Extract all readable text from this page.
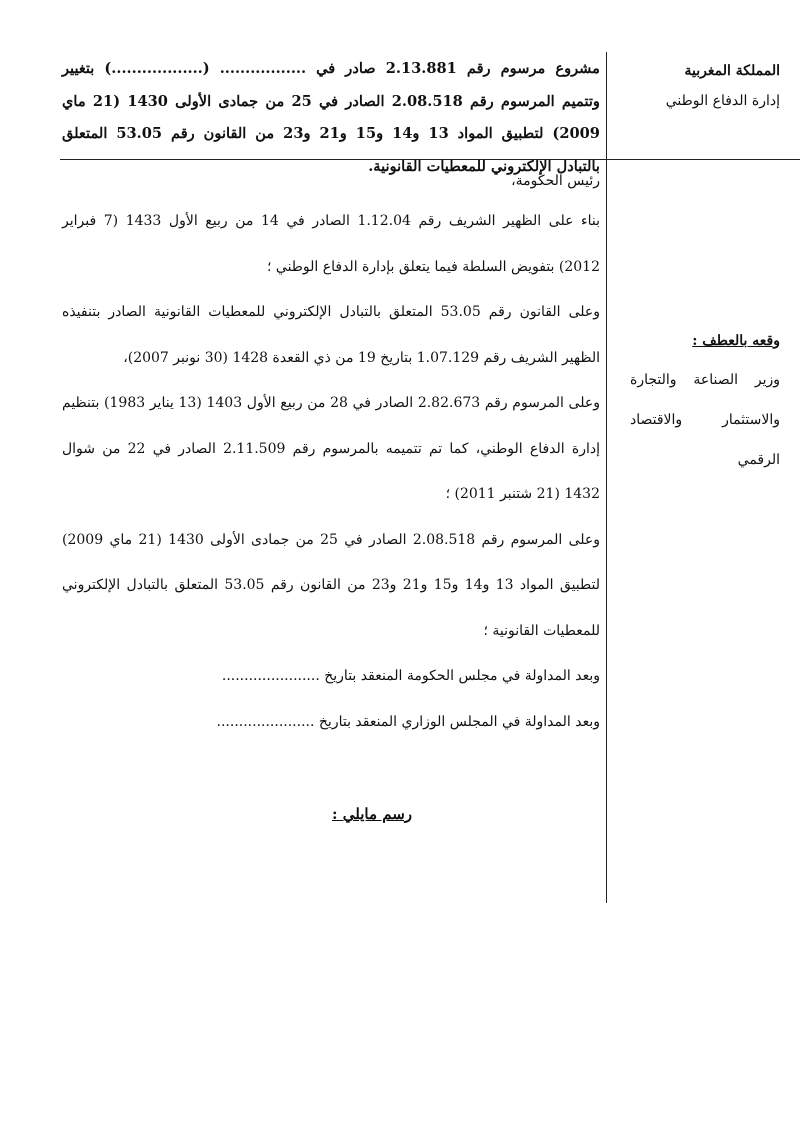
المملكة المغربية
إدارة الدفاع الوطني
مشروع مرسوم رقم 2.13.881 صادر في ................. (..................) بتغيير وتتميم المرسوم رقم 2.08.518 الصادر في 25 من جمادى الأولى 1430 (21 ماي 2009) لتطبيق المواد 13 و14 و15 و21 و23 من القانون رقم 53.05 المتعلق بالتبادل الإلكتروني للمعطيات القانونية.
وقعه بالعطف :
وزير الصناعة والتجارة والاستثمار والاقتصاد الرقمي

رئيس الحكومة،

بناء على الظهير الشريف رقم 1.12.04 الصادر في 14 من ربيع الأول 1433 (7 فبراير 2012) بتفويض السلطة فيما يتعلق بإدارة الدفاع الوطني ؛

وعلى القانون رقم 53.05 المتعلق بالتبادل الإلكتروني للمعطيات القانونية الصادر بتنفيذه الظهير الشريف رقم 1.07.129 بتاريخ 19 من ذي القعدة 1428 (30 نونبر 2007)،

وعلى المرسوم رقم 2.82.673 الصادر في 28 من ربيع الأول 1403 (13 يناير 1983) بتنظيم إدارة الدفاع الوطني، كما تم تتميمه بالمرسوم رقم 2.11.509 الصادر في 22 من شوال 1432 (21 شتنبر 2011) ؛

وعلى المرسوم رقم 2.08.518 الصادر في 25 من جمادى الأولى 1430 (21 ماي 2009) لتطبيق المواد 13 و14 و15 و21 و23 من القانون رقم 53.05 المتعلق بالتبادل الإلكتروني للمعطيات القانونية ؛

وبعد المداولة في مجلس الحكومة المنعقد بتاريخ ......................

وبعد المداولة في المجلس الوزاري المنعقد بتاريخ ......................

رسم مايلي :
